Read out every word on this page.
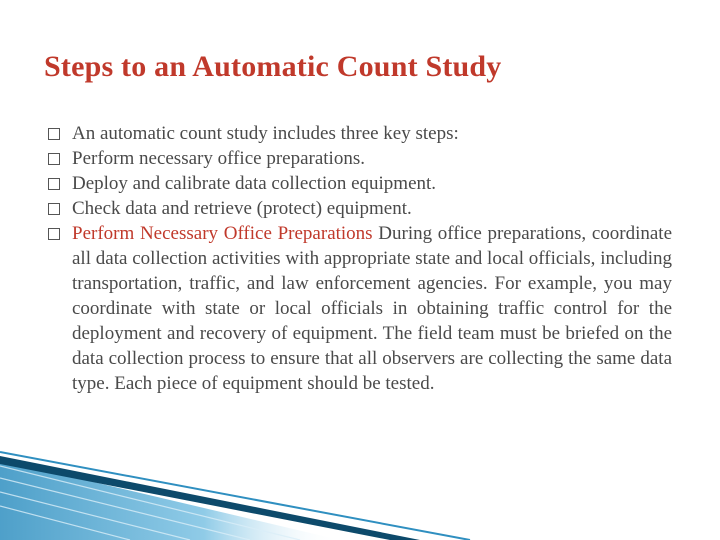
Steps to an Automatic Count Study

An automatic count study includes three key steps:

Perform necessary office preparations.

Deploy and calibrate data collection equipment.

Check data and retrieve (protect) equipment.

Perform Necessary Office Preparations During office preparations, coordinate all data collection activities with appropriate state and local officials, including transportation, traffic, and law enforcement agencies. For example, you may coordinate with state or local officials in obtaining traffic control for the deployment and recovery of equipment. The field team must be briefed on the data collection process to ensure that all observers are collecting the same data type. Each piece of equipment should be tested.
